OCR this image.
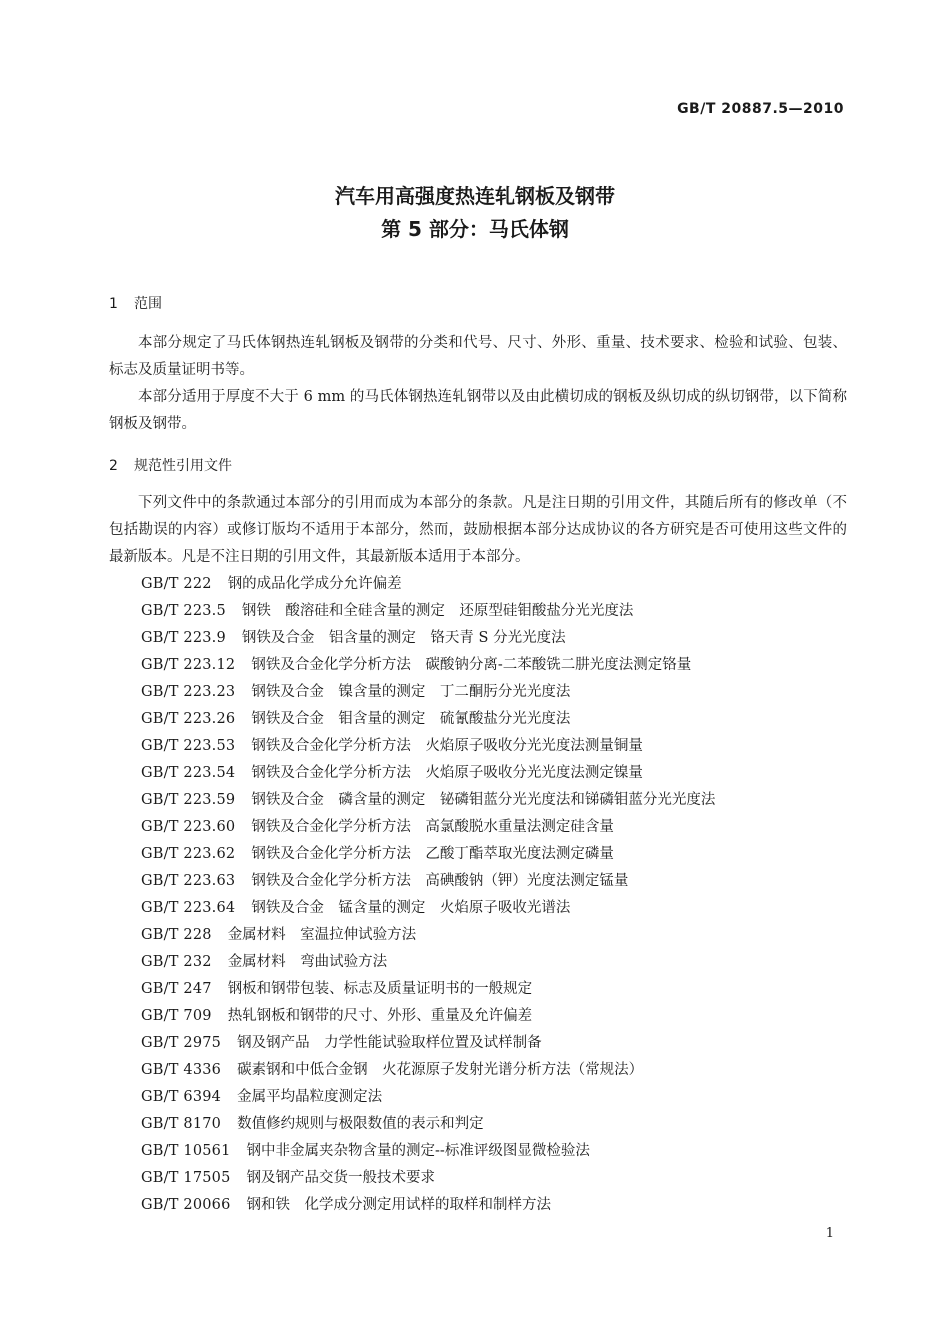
GB/T 20887.5—2010
汽车用高强度热连轧钢板及钢带
第 5 部分：马氏体钢
1 范围

本部分规定了马氏体钢热连轧钢板及钢带的分类和代号、尺寸、外形、重量、技术要求、检验和试验、包装、标志及质量证明书等。

本部分适用于厚度不大于 6 mm 的马氏体钢热连轧钢带以及由此横切成的钢板及纵切成的纵切钢带，以下简称钢板及钢带。

2 规范性引用文件

下列文件中的条款通过本部分的引用而成为本部分的条款。凡是注日期的引用文件，其随后所有的修改单（不包括勘误的内容）或修订版均不适用于本部分，然而，鼓励根据本部分达成协议的各方研究是否可使用这些文件的最新版本。凡是不注日期的引用文件，其最新版本适用于本部分。

GB/T 222 钢的成品化学成分允许偏差
GB/T 223.5 钢铁　酸溶硅和全硅含量的测定　还原型硅钼酸盐分光光度法
GB/T 223.9 钢铁及合金　铝含量的测定　铬天青 S 分光光度法
GB/T 223.12 钢铁及合金化学分析方法　碳酸钠分离-二苯酸铣二肼光度法测定铬量
GB/T 223.23 钢铁及合金　镍含量的测定　丁二酮肟分光光度法
GB/T 223.26 钢铁及合金　钼含量的测定　硫氰酸盐分光光度法
GB/T 223.53 钢铁及合金化学分析方法　火焰原子吸收分光光度法测量铜量
GB/T 223.54 钢铁及合金化学分析方法　火焰原子吸收分光光度法测定镍量
GB/T 223.59 钢铁及合金　磷含量的测定　铋磷钼蓝分光光度法和锑磷钼蓝分光光度法
GB/T 223.60 钢铁及合金化学分析方法　高氯酸脱水重量法测定硅含量
GB/T 223.62 钢铁及合金化学分析方法　乙酸丁酯萃取光度法测定磷量
GB/T 223.63 钢铁及合金化学分析方法　高碘酸钠（钾）光度法测定锰量
GB/T 223.64 钢铁及合金　锰含量的测定　火焰原子吸收光谱法
GB/T 228 金属材料　室温拉伸试验方法
GB/T 232 金属材料　弯曲试验方法
GB/T 247 钢板和钢带包装、标志及质量证明书的一般规定
GB/T 709 热轧钢板和钢带的尺寸、外形、重量及允许偏差
GB/T 2975 钢及钢产品　力学性能试验取样位置及试样制备
GB/T 4336 碳素钢和中低合金钢　火花源原子发射光谱分析方法（常规法）
GB/T 6394 金属平均晶粒度测定法
GB/T 8170 数值修约规则与极限数值的表示和判定
GB/T 10561 钢中非金属夹杂物含量的测定--标准评级图显微检验法
GB/T 17505 钢及钢产品交货一般技术要求
GB/T 20066 钢和铁　化学成分测定用试样的取样和制样方法
1
